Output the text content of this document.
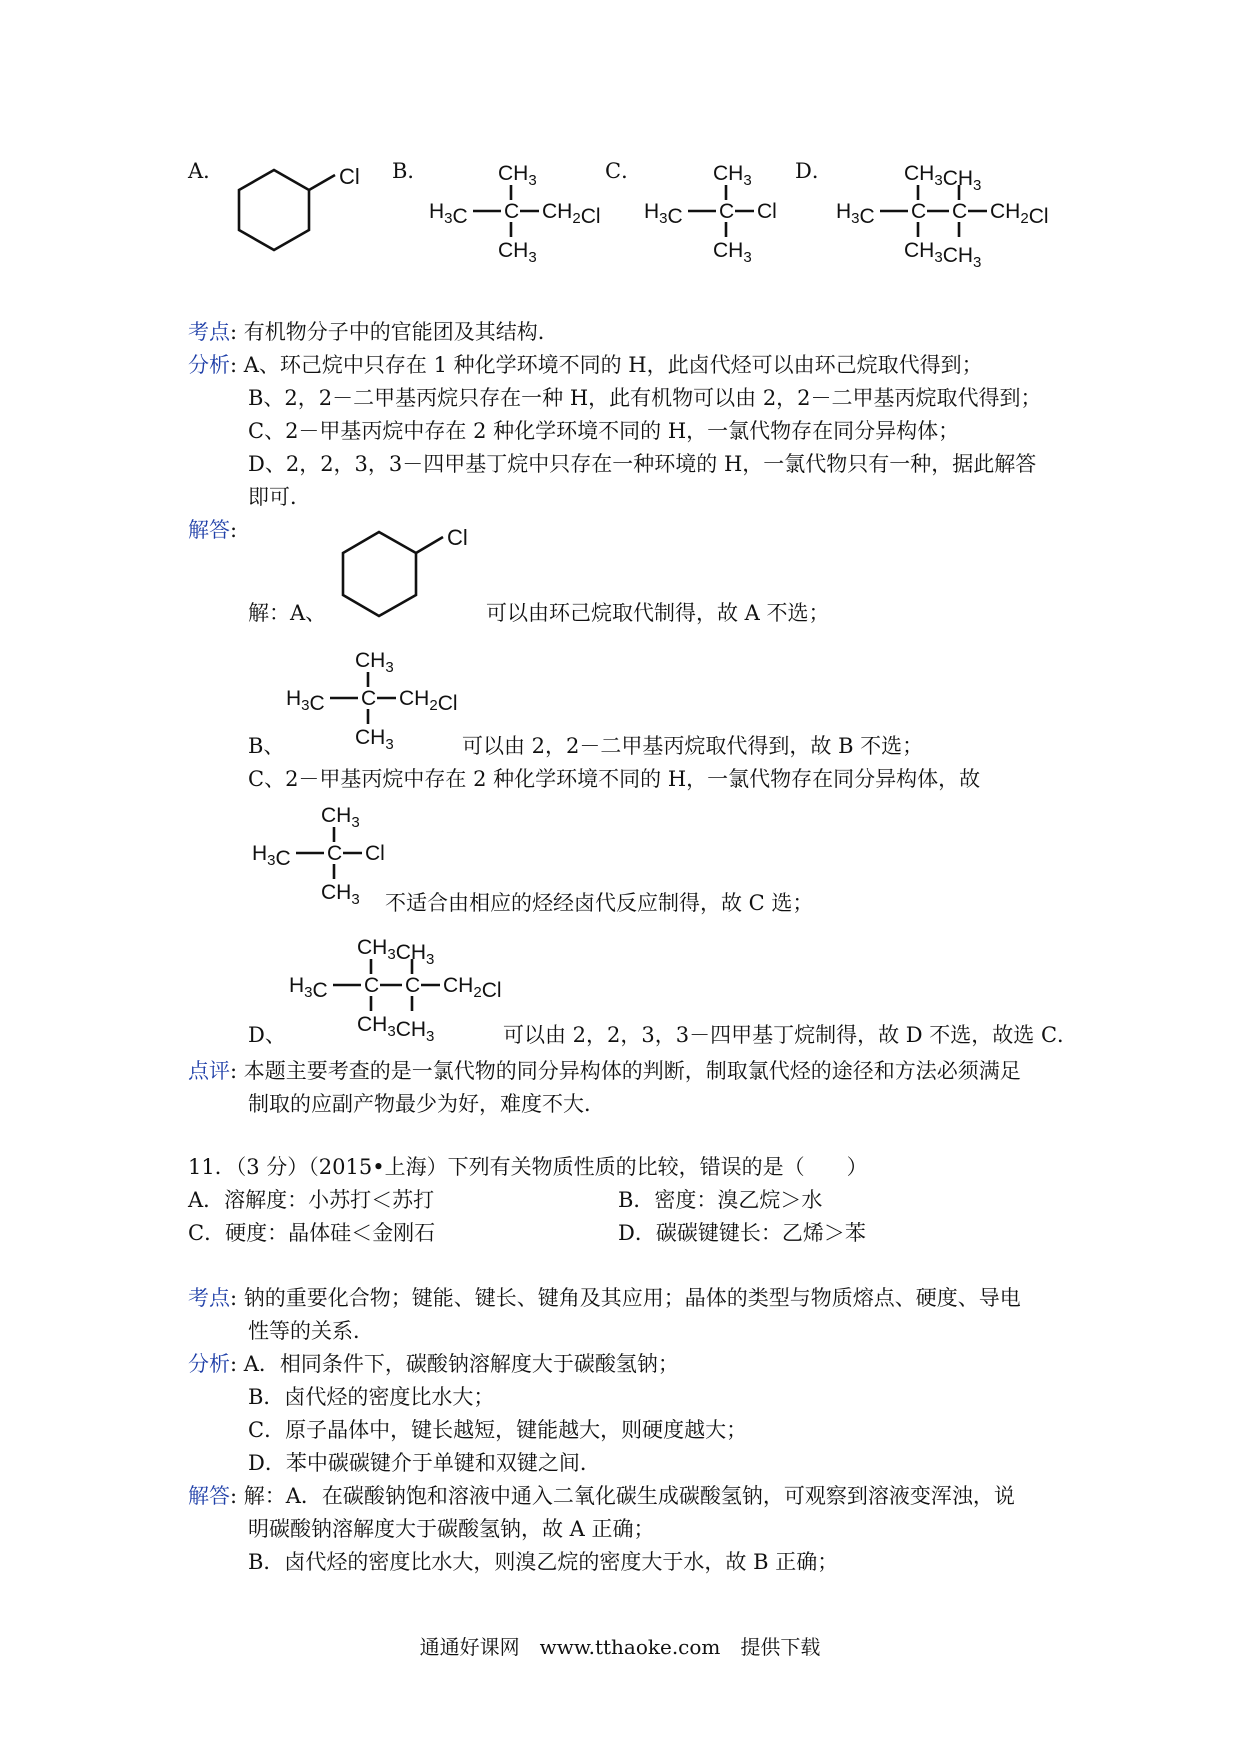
A．	Cl B．	$CH_3$
$H_3C$ C $CH_2Cl$
$CH_3$
C．	$CH_3$
$H_3C$ C Cl
$CH_3$
D．	$CH_3CH_3$
$H_3C$ C C $CH_2Cl$
$CH_3CH_3$
考点: 有机物分子中的官能团及其结构．
分析: A、环己烷中只存在 1 种化学环境不同的 H，此卤代烃可以由环己烷取代得到；
B、2，2－二甲基丙烷只存在一种 H，此有机物可以由 2，2－二甲基丙烷取代得到；
C、2－甲基丙烷中存在 2 种化学环境不同的 H，一氯代物存在同分异构体；
D、2，2，3，3－四甲基丁烷中只存在一种环境的 H，一氯代物只有一种，据此解答
即可．
解答:	Cl
解：A、	可以由环己烷取代制得，故 A 不选；
$CH_3$
$H_3C$ C $CH_2Cl$
$CH_3$
B、	可以由 2，2－二甲基丙烷取代得到，故 B 不选；
C、2－甲基丙烷中存在 2 种化学环境不同的 H，一氯代物存在同分异构体，故
$CH_3$
$H_3C$ C Cl
$CH_3$ 不适合由相应的烃经卤代反应制得，故 C 选；
$CH_3CH_3$
$H_3C$ C C $CH_2Cl$
$CH_3CH_3$
D、	可以由 2，2，3，3－四甲基丁烷制得，故 D 不选，故选 C．
点评: 本题主要考查的是一氯代物的同分异构体的判断，制取氯代烃的途径和方法必须满足
制取的应副产物最少为好，难度不大．
11．（3 分）（2015•上海）下列有关物质性质的比较，错误的是（　　）
A．溶解度：小苏打＜苏打	B．密度：溴乙烷＞水
C．硬度：晶体硅＜金刚石	D．碳碳键键长：乙烯＞苯
考点: 钠的重要化合物；键能、键长、键角及其应用；晶体的类型与物质熔点、硬度、导电
性等的关系．
分析: A．相同条件下，碳酸钠溶解度大于碳酸氢钠；
B．卤代烃的密度比水大；
C．原子晶体中，键长越短，键能越大，则硬度越大；
D．苯中碳碳键介于单键和双键之间．
解答: 解：A．在碳酸钠饱和溶液中通入二氧化碳生成碳酸氢钠，可观察到溶液变浑浊，说
明碳酸钠溶解度大于碳酸氢钠，故 A 正确；
B．卤代烃的密度比水大，则溴乙烷的密度大于水，故 B 正确；
通通好课网　www.tthaoke.com　提供下载
